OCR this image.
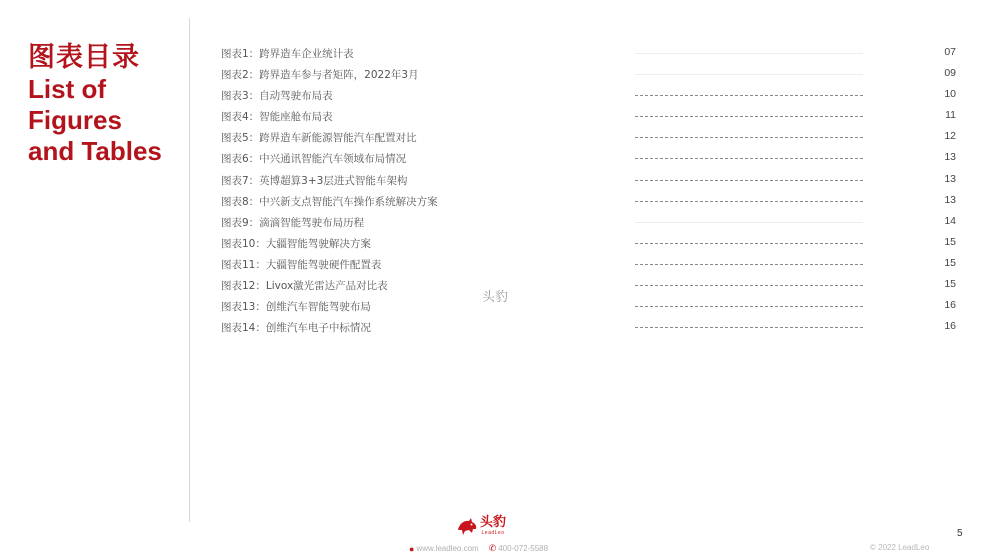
图表目录
List of
Figures
and Tables
图表1：跨界造车企业统计表	07
图表2：跨界造车参与者矩阵，2022年3月	09
图表3：自动驾驶布局表	10
图表4：智能座舱布局表	11
图表5：跨界造车新能源智能汽车配置对比	12
图表6：中兴通讯智能汽车领域布局情况	13
图表7：英博超算3+3层进式智能车架构	13
图表8：中兴新支点智能汽车操作系统解决方案	13
图表9：滴滴智能驾驶布局历程	14
图表10：大疆智能驾驶解决方案	15
图表11：大疆智能驾驶硬件配置表	15
图表12：Livox激光雷达产品对比表	15
图表13：创维汽车智能驾驶布局	16
图表14：创维汽车电子中标情况	16
头豹
头豹
LeadLeo
● www.leadleo.com ✆ 400-072-5588	© 2022 LeadLeo
5
